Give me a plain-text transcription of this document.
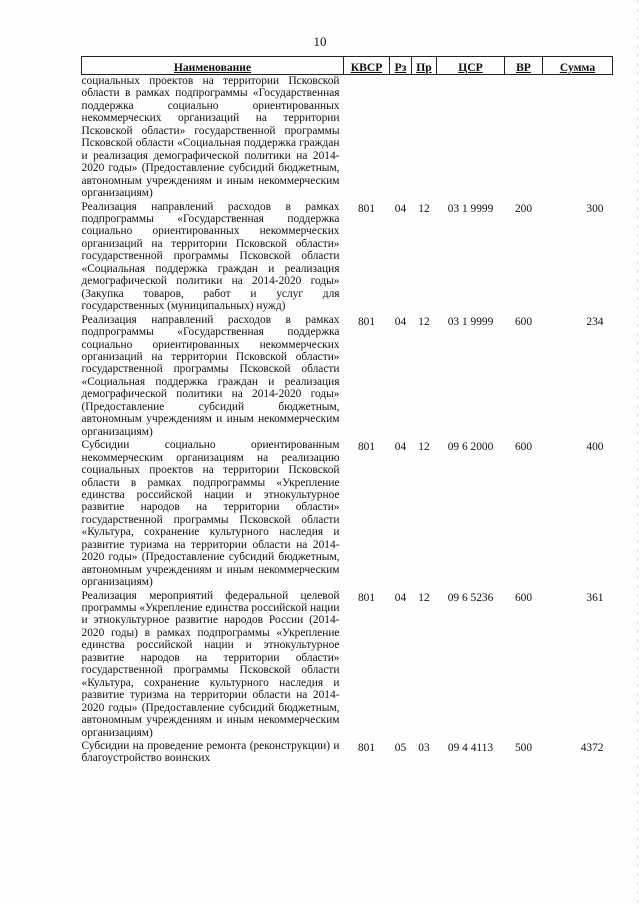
10
Наименование	КВСР	Рз	Пр	ЦСР	ВР	Сумма
социальных проектов на территории Псковской области в рамках подпрограммы «Государственная поддержка социально ориентированных некоммерческих организаций на территории Псковской области» государственной программы Псковской области «Социальная поддержка граждан и реализация демографической политики на 2014-2020 годы» (Предоставление субсидий бюджетным, автономным учреждениям и иным некоммерческим организациям)						
Реализация направлений расходов в рамках подпрограммы «Государственная поддержка социально ориентированных некоммерческих организаций на территории Псковской области» государственной программы Псковской области «Социальная поддержка граждан и реализация демографической политики на 2014-2020 годы» (Закупка товаров, работ и услуг для государственных (муниципальных) нужд)	801	04	12	03 1 9999	200	300
Реализация направлений расходов в рамках подпрограммы «Государственная поддержка социально ориентированных некоммерческих организаций на территории Псковской области» государственной программы Псковской области «Социальная поддержка граждан и реализация демографической политики на 2014-2020 годы» (Предоставление субсидий бюджетным, автономным учреждениям и иным некоммерческим организациям)	801	04	12	03 1 9999	600	234
Субсидии социально ориентированным некоммерческим организациям на реализацию социальных проектов на территории Псковской области в рамках подпрограммы «Укрепление единства российской нации и этнокультурное развитие народов на территории области» государственной программы Псковской области «Культура, сохранение культурного наследия и развитие туризма на территории области на 2014-2020 годы» (Предоставление субсидий бюджетным, автономным учреждениям и иным некоммерческим организациям)	801	04	12	09 6 2000	600	400
Реализация мероприятий федеральной целевой программы «Укрепление единства российской нации и этнокультурное развитие народов России (2014-2020 годы) в рамках подпрограммы «Укрепление единства российской нации и этнокультурное развитие народов на территории области» государственной программы Псковской области «Культура, сохранение культурного наследия и развитие туризма на территории области на 2014-2020 годы» (Предоставление субсидий бюджетным, автономным учреждениям и иным некоммерческим организациям)	801	04	12	09 6 5236	600	361
Субсидии на проведение ремонта (реконструкции) и благоустройство воинских	801	05	03	09 4 4113	500	4372
